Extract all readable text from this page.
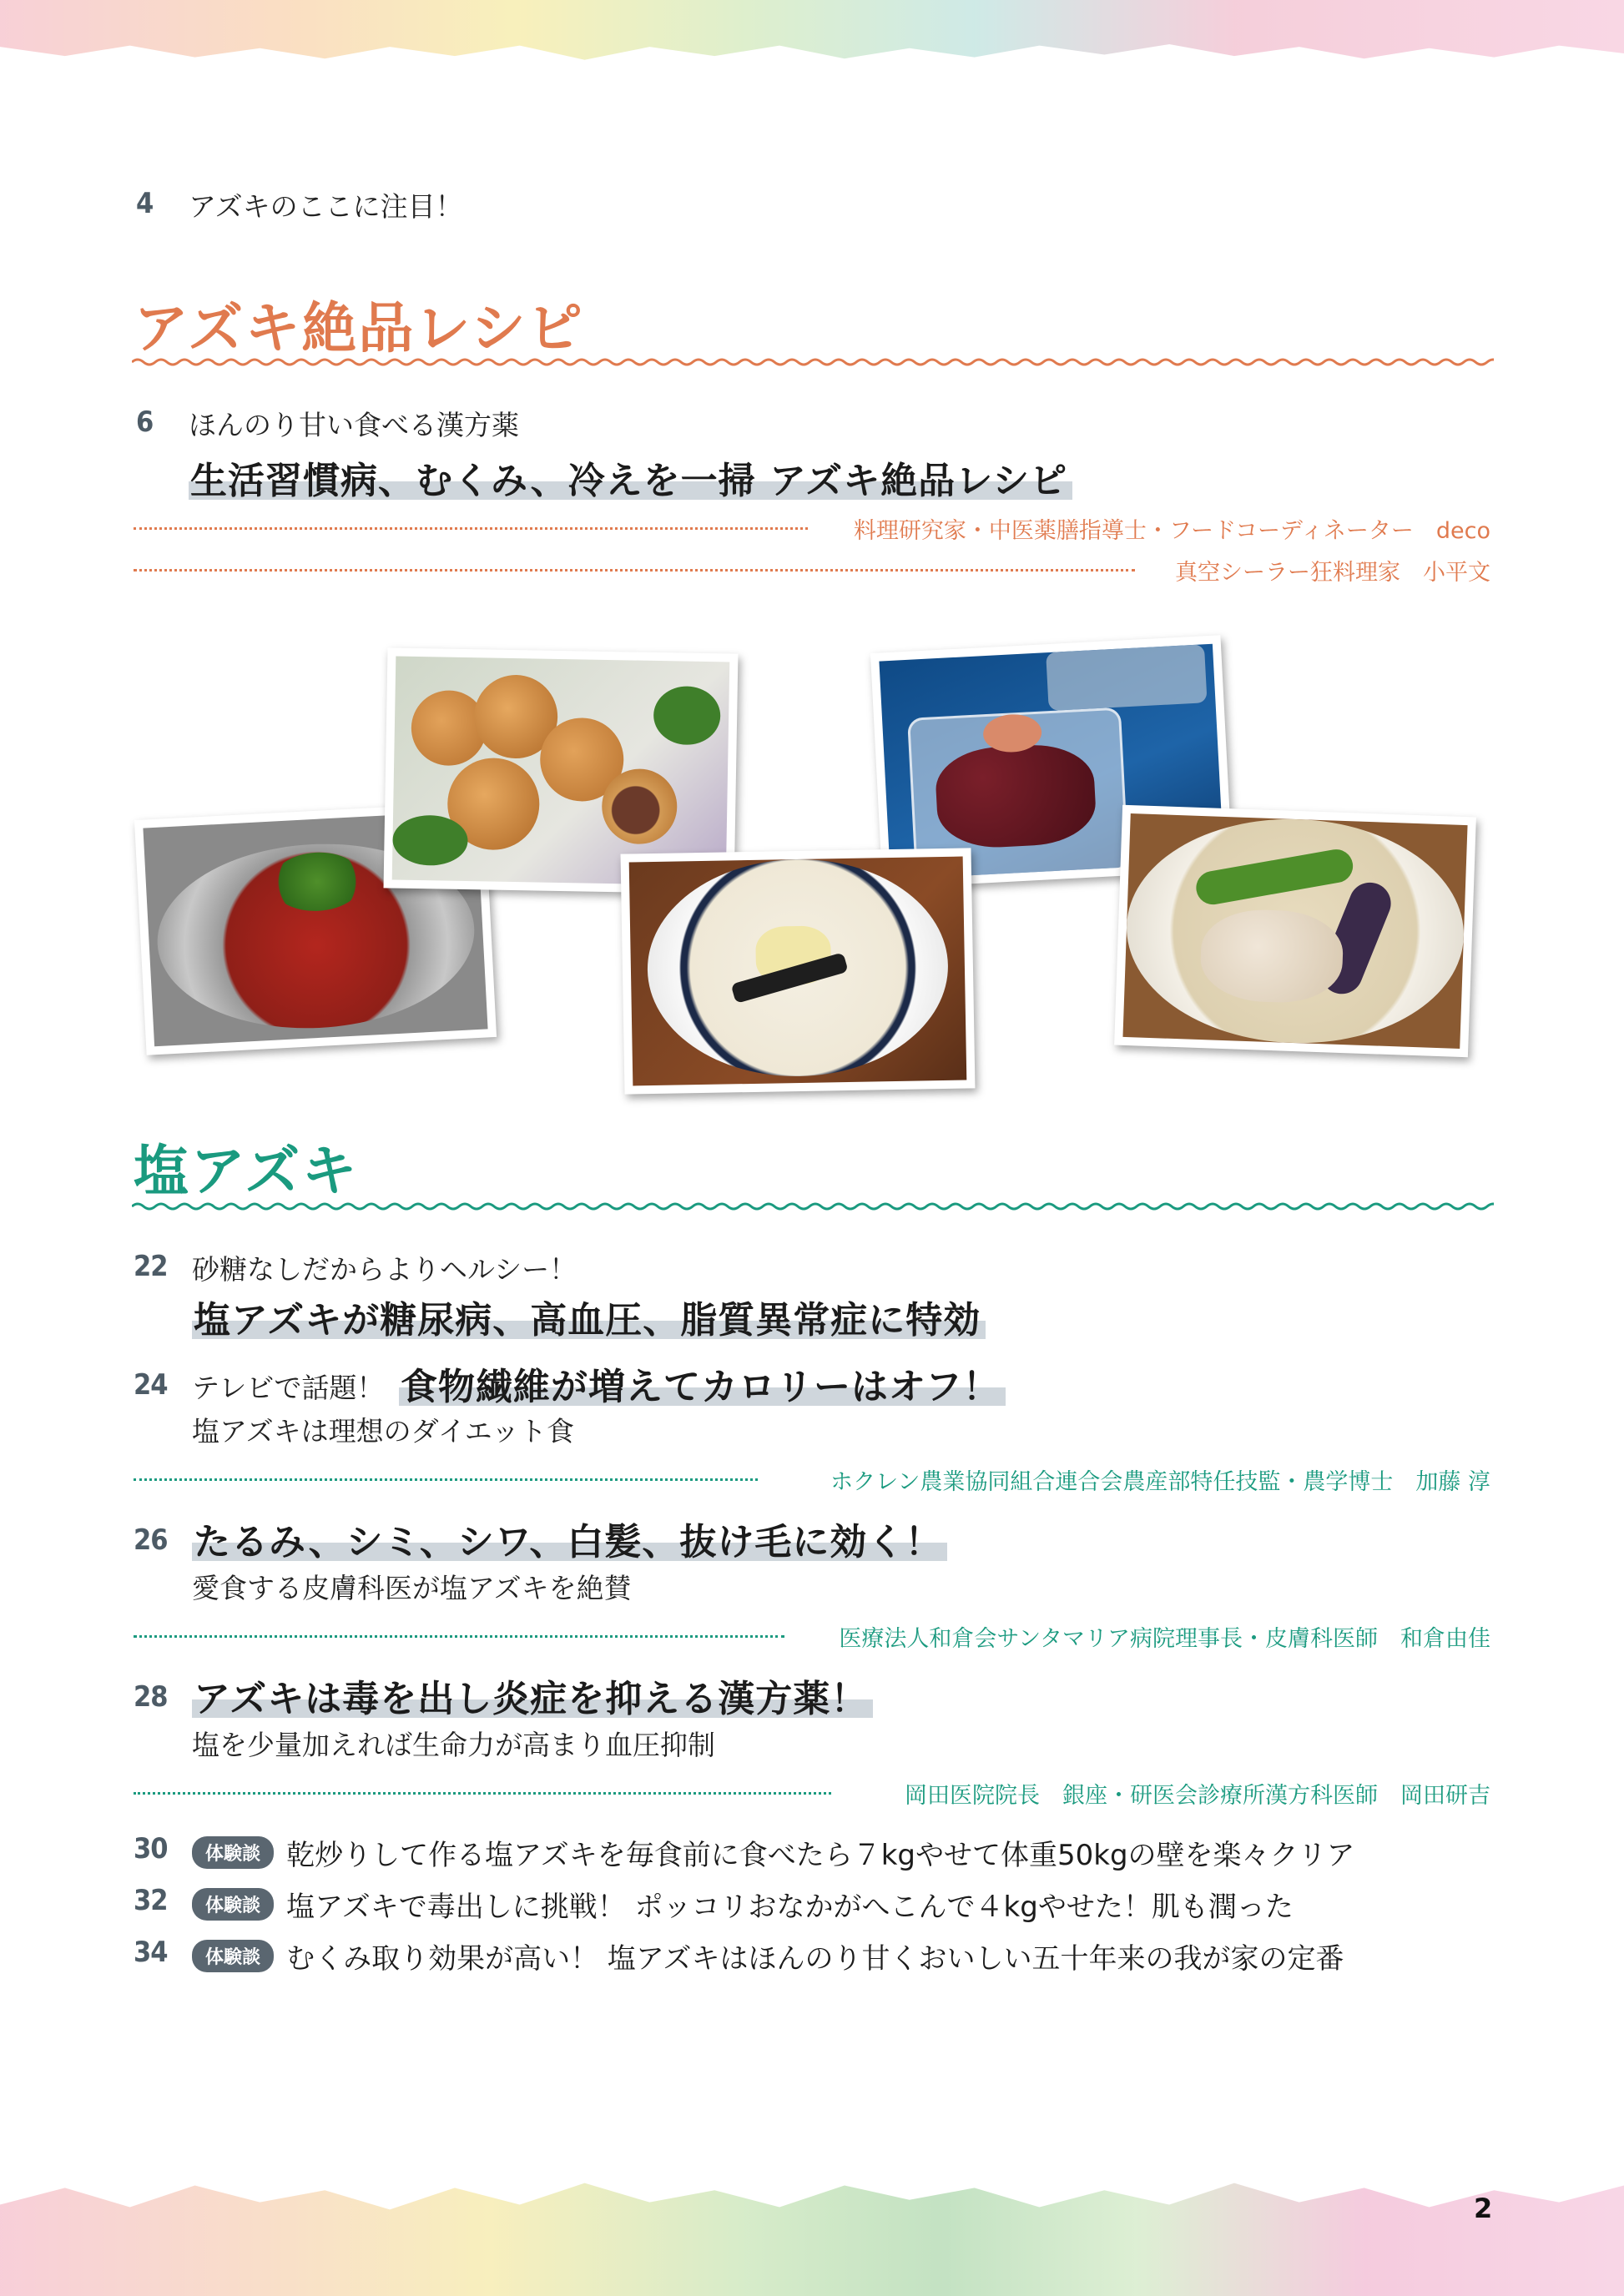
4 アズキのここに注目！
アズキ絶品レシピ
6 ほんのり甘い食べる漢方薬
生活習慣病、むくみ、冷えを一掃 アズキ絶品レシピ
料理研究家・中医薬膳指導士・フードコーディネーター　deco
真空シーラー狂料理家　小平文
塩アズキ
22 砂糖なしだからよりヘルシー！
塩アズキが糖尿病、高血圧、脂質異常症に特効
24 テレビで話題！ 食物繊維が増えてカロリーはオフ！
塩アズキは理想のダイエット食
ホクレン農業協同組合連合会農産部特任技監・農学博士　加藤 淳
26 たるみ、シミ、シワ、白髪、抜け毛に効く！
愛食する皮膚科医が塩アズキを絶賛
医療法人和倉会サンタマリア病院理事長・皮膚科医師　和倉由佳
28 アズキは毒を出し炎症を抑える漢方薬！
塩を少量加えれば生命力が高まり血圧抑制
岡田医院院長　銀座・研医会診療所漢方科医師　岡田研吉
30	体験談 乾炒りして作る塩アズキを毎食前に食べたら７kgやせて体重50kgの壁を楽々クリア
32	体験談 塩アズキで毒出しに挑戦！ ポッコリおなかがへこんで４kgやせた！肌も潤った
34	体験談 むくみ取り効果が高い！ 塩アズキはほんのり甘くおいしい五十年来の我が家の定番
2
